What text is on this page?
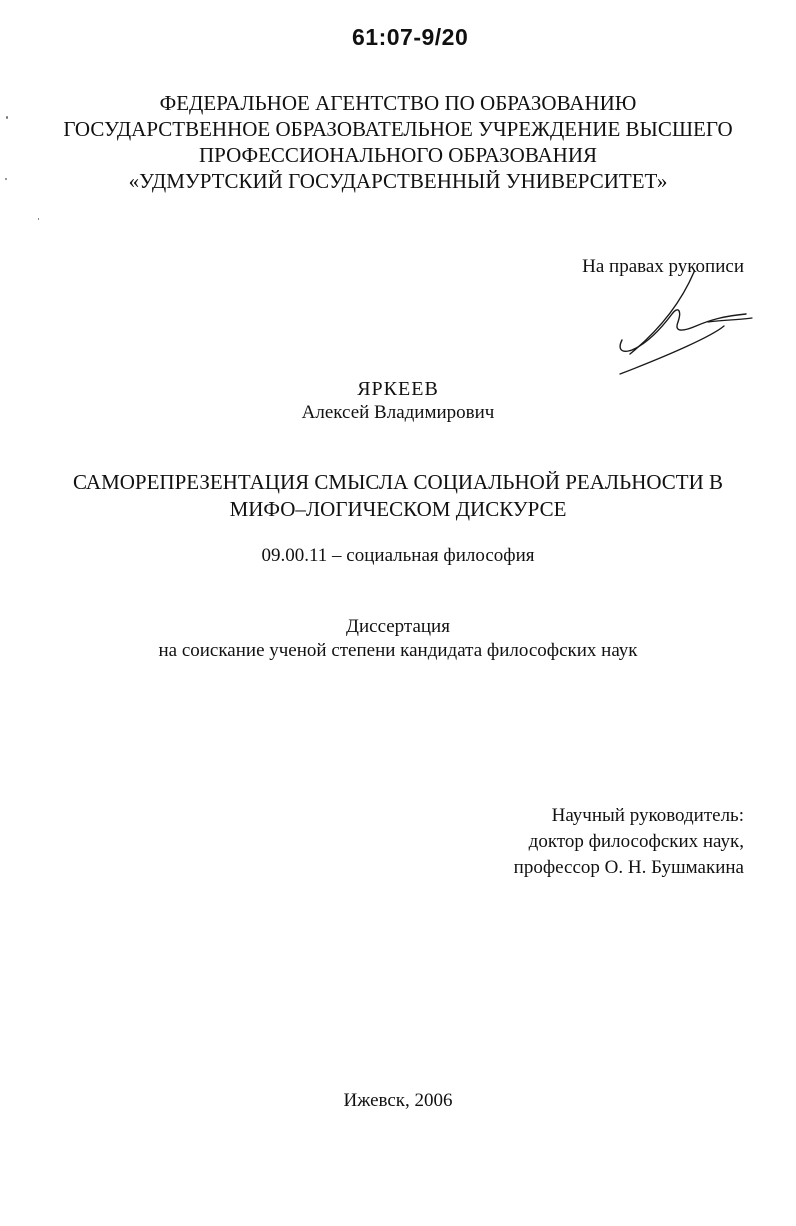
61:07-9/20
ФЕДЕРАЛЬНОЕ АГЕНТСТВО ПО ОБРАЗОВАНИЮ
ГОСУДАРСТВЕННОЕ ОБРАЗОВАТЕЛЬНОЕ УЧРЕЖДЕНИЕ ВЫСШЕГО
ПРОФЕССИОНАЛЬНОГО ОБРАЗОВАНИЯ
«УДМУРТСКИЙ ГОСУДАРСТВЕННЫЙ УНИВЕРСИТЕТ»
На правах рукописи
ЯРКЕЕВ
Алексей Владимирович
САМОРЕПРЕЗЕНТАЦИЯ СМЫСЛА СОЦИАЛЬНОЙ РЕАЛЬНОСТИ В
МИФО–ЛОГИЧЕСКОМ ДИСКУРСЕ
09.00.11 – социальная философия
Диссертация
на соискание ученой степени кандидата философских наук
Научный руководитель:
доктор философских наук,
профессор О. Н. Бушмакина
Ижевск, 2006
